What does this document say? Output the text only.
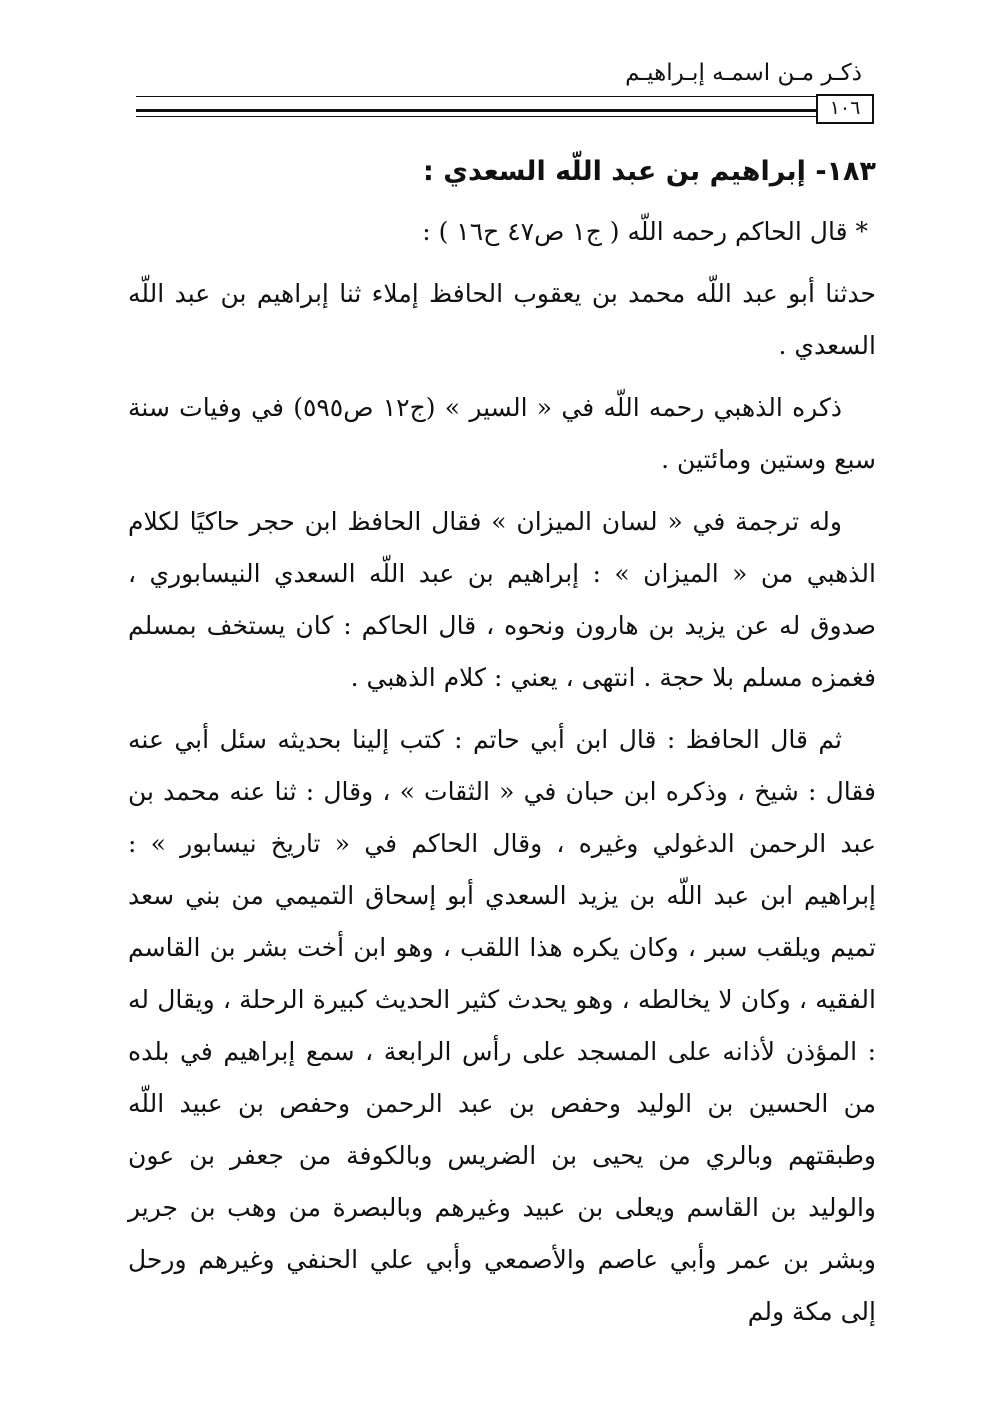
ذكـر مـن اسمـه إبـراهيـم
١٠٦
١٨٣- إبراهيم بن عبد اللّه السعدي :
* قال الحاكم رحمه اللّه ( ج١ ص٤٧ ح١٦ ) :

حدثنا أبو عبد اللّه محمد بن يعقوب الحافظ إملاء ثنا إبراهيم بن عبد اللّه السعدي .

ذكره الذهبي رحمه اللّه في « السير » (ج١٢ ص٥٩٥) في وفيات سنة سبع وستين ومائتين .

وله ترجمة في « لسان الميزان » فقال الحافظ ابن حجر حاكيًا لكلام الذهبي من « الميزان » : إبراهيم بن عبد اللّه السعدي النيسابوري ، صدوق له عن يزيد بن هارون ونحوه ، قال الحاكم : كان يستخف بمسلم فغمزه مسلم بلا حجة . انتهى ، يعني : كلام الذهبي .

ثم قال الحافظ : قال ابن أبي حاتم : كتب إلينا بحديثه سئل أبي عنه فقال : شيخ ، وذكره ابن حبان في « الثقات » ، وقال : ثنا عنه محمد بن عبد الرحمن الدغولي وغيره ، وقال الحاكم في « تاريخ نيسابور » : إبراهيم ابن عبد اللّه بن يزيد السعدي أبو إسحاق التميمي من بني سعد تميم ويلقب سبر ، وكان يكره هذا اللقب ، وهو ابن أخت بشر بن القاسم الفقيه ، وكان لا يخالطه ، وهو يحدث كثير الحديث كبيرة الرحلة ، ويقال له : المؤذن لأذانه على المسجد على رأس الرابعة ، سمع إبراهيم في بلده من الحسين بن الوليد وحفص بن عبد الرحمن وحفص بن عبيد اللّه وطبقتهم وبالري من يحيى بن الضريس وبالكوفة من جعفر بن عون والوليد بن القاسم ويعلى بن عبيد وغيرهم وبالبصرة من وهب بن جرير وبشر بن عمر وأبي عاصم والأصمعي وأبي علي الحنفي وغيرهم ورحل إلى مكة ولم
